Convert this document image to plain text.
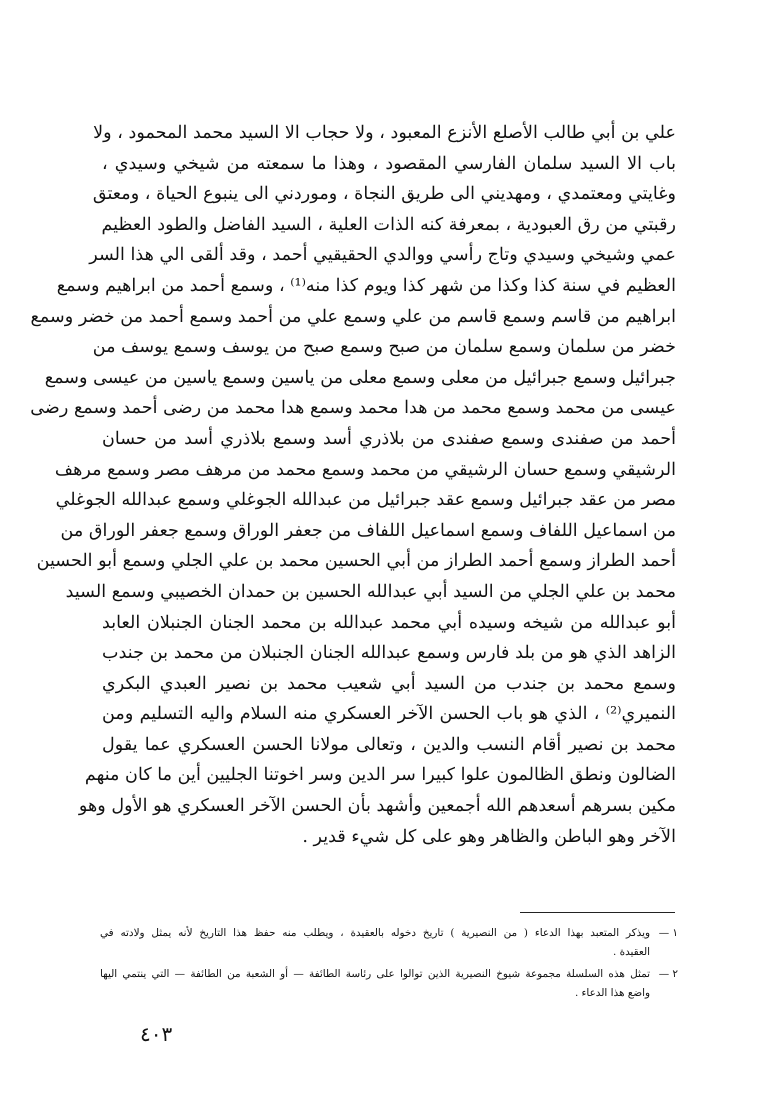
علي بن أبي طالب الأصلع الأنزع المعبود ، ولا حجاب الا السيد محمد المحمود ، ولا
باب الا السيد سلمان الفارسي المقصود ، وهذا ما سمعته من شيخي وسيدي ،
وغايتي ومعتمدي ، ومهديني الى طريق النجاة ، وموردني الى ينبوع الحياة ، ومعتق
رقبتي من رق العبودية ، بمعرفة كنه الذات العلية ، السيد الفاضل والطود العظيم
عمي وشيخي وسيدي وتاج رأسي ووالدي الحقيقيي أحمد ، وقد ألقى الي هذا السر
العظيم في سنة كذا وكذا من شهر كذا ويوم كذا منه⁽¹⁾ ، وسمع أحمد من ابراهيم وسمع
ابراهيم من قاسم وسمع قاسم من علي وسمع علي من أحمد وسمع أحمد من خضر وسمع
خضر من سلمان وسمع سلمان من صبح وسمع صبح من يوسف وسمع يوسف من
جبرائيل وسمع جبرائيل من معلى وسمع معلى من ياسين وسمع ياسين من عيسى وسمع
عيسى من محمد وسمع محمد من هدا محمد وسمع هدا محمد من رضى أحمد وسمع رضى
أحمد من صفندى وسمع صفندى من بلاذري أسد وسمع بلاذري أسد من حسان
الرشيقي وسمع حسان الرشيقي من محمد وسمع محمد من مرهف مصر وسمع مرهف
مصر من عقد جبرائيل وسمع عقد جبرائيل من عبدالله الجوغلي وسمع عبدالله الجوغلي
من اسماعيل اللفاف وسمع اسماعيل اللفاف من جعفر الوراق وسمع جعفر الوراق من
أحمد الطراز وسمع أحمد الطراز من أبي الحسين محمد بن علي الجلي وسمع أبو الحسين
محمد بن علي الجلي من السيد أبي عبدالله الحسين بن حمدان الخصيبي وسمع السيد
أبو عبدالله من شيخه وسيده أبي محمد عبدالله بن محمد الجنان الجنبلان العابد
الزاهد الذي هو من بلد فارس وسمع عبدالله الجنان الجنبلان من محمد بن جندب
وسمع محمد بن جندب من السيد أبي شعيب محمد بن نصير العبدي البكري
النميري⁽²⁾ ، الذي هو باب الحسن الآخر العسكري منه السلام واليه التسليم ومن
محمد بن نصير أقام النسب والدين ، وتعالى مولانا الحسن العسكري عما يقول
الضالون ونطق الظالمون علوا كبيرا سر الدين وسر اخوتنا الجليين أين ما كان منهم
مكين بسرهم أسعدهم الله أجمعين وأشهد بأن الحسن الآخر العسكري هو الأول وهو
الآخر وهو الباطن والظاهر وهو على كل شيء قدير .
١ —
ويذكر المتعبد بهذا الدعاء ( من النصيرية ) تاريخ دخوله بالعقيدة ، ويطلب منه حفظ هذا التاريخ لأنه يمثل ولادته في
العقيدة .
٢ —
تمثل هذه السلسلة مجموعة شيوخ النصيرية الذين توالوا على رئاسة الطائفة — أو الشعبة من الطائفة — التي ينتمي اليها
واضع هذا الدعاء .
٤٠٣
